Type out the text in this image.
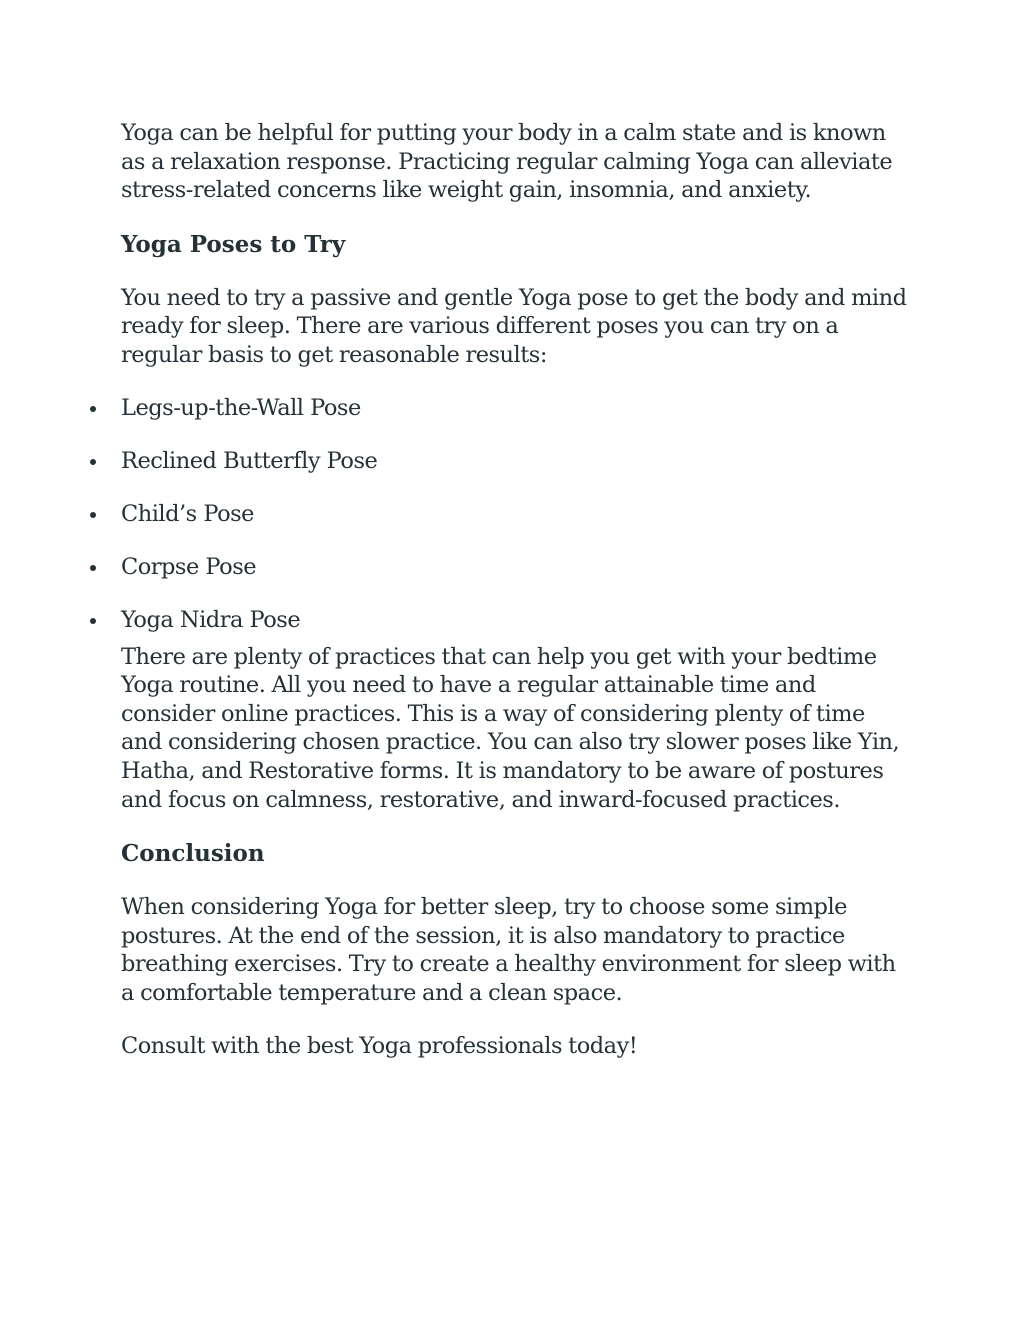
Yoga can be helpful for putting your body in a calm state and is known as a relaxation response. Practicing regular calming Yoga can alleviate stress-related concerns like weight gain, insomnia, and anxiety.

Yoga Poses to Try

You need to try a passive and gentle Yoga pose to get the body and mind ready for sleep. There are various different poses you can try on a regular basis to get reasonable results:

Legs-up-the-Wall Pose
Reclined Butterfly Pose
Child’s Pose
Corpse Pose
Yoga Nidra Pose

There are plenty of practices that can help you get with your bedtime Yoga routine. All you need to have a regular attainable time and consider online practices. This is a way of considering plenty of time and considering chosen practice. You can also try slower poses like Yin, Hatha, and Restorative forms. It is mandatory to be aware of postures and focus on calmness, restorative, and inward-focused practices.

Conclusion

When considering Yoga for better sleep, try to choose some simple postures. At the end of the session, it is also mandatory to practice breathing exercises. Try to create a healthy environment for sleep with a comfortable temperature and a clean space.

Consult with the best Yoga professionals today!
